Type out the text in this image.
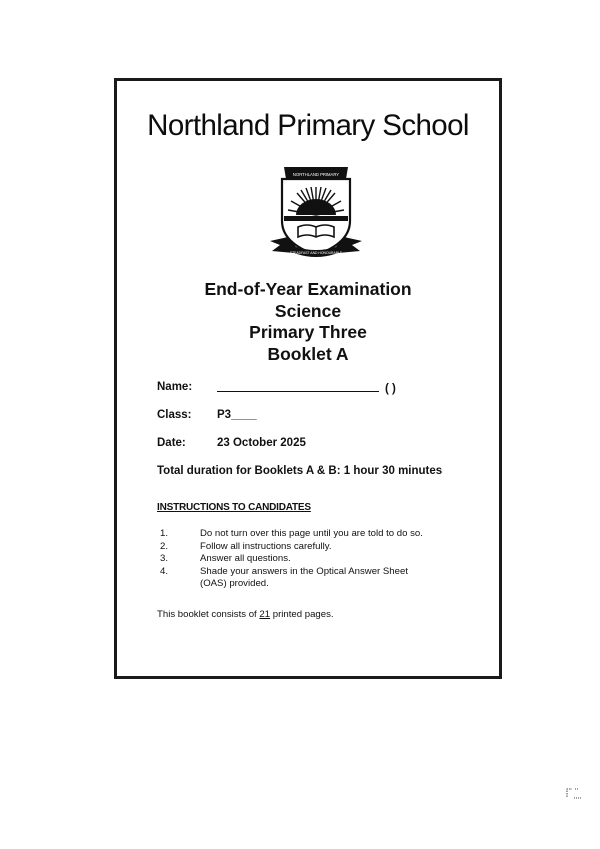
Northland Primary School
NORTHLAND PRIMARY
STEADFAST AND HONOURABLE
End-of-Year Examination
Science
Primary Three
Booklet A
Name:	( )
Class: P3____
Date:	23 October 2025
Total duration for Booklets A & B: 1 hour 30 minutes
INSTRUCTIONS TO CANDIDATES
1.	Do not turn over this page until you are told to do so.
2.	Follow all instructions carefully.
3.	Answer all questions.
4.	Shade your answers in the Optical Answer Sheet (OAS) provided.
This booklet consists of 21 printed pages.
